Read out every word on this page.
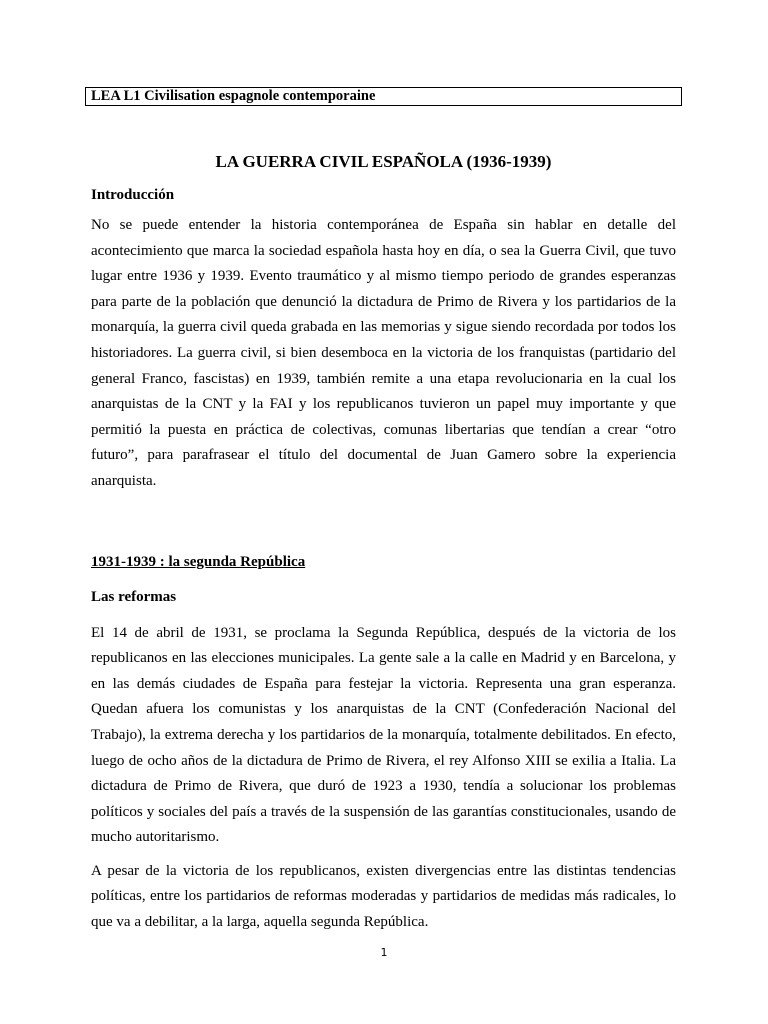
LEA L1 Civilisation espagnole contemporaine
LA GUERRA CIVIL ESPAÑOLA (1936-1939)

Introducción

No se puede entender la historia contemporánea de España sin hablar en detalle del acontecimiento que marca la sociedad española hasta hoy en día, o sea la Guerra Civil, que tuvo lugar entre 1936 y 1939. Evento traumático y al mismo tiempo periodo de grandes esperanzas para parte de la población que denunció la dictadura de Primo de Rivera y los partidarios de la monarquía, la guerra civil queda grabada en las memorias y sigue siendo recordada por todos los historiadores. La guerra civil, si bien desemboca en la victoria de los franquistas (partidario del general Franco, fascistas) en 1939, también remite a una etapa revolucionaria en la cual los anarquistas de la CNT y la FAI y los republicanos tuvieron un papel muy importante y que permitió la puesta en práctica de colectivas, comunas libertarias que tendían a crear “otro futuro”, para parafrasear el título del documental de Juan Gamero sobre la experiencia anarquista.

1931-1939 : la segunda República

Las reformas

El 14 de abril de 1931, se proclama la Segunda República, después de la victoria de los republicanos en las elecciones municipales. La gente sale a la calle en Madrid y en Barcelona, y en las demás ciudades de España para festejar la victoria. Representa una gran esperanza. Quedan afuera los comunistas y los anarquistas de la CNT (Confederación Nacional del Trabajo), la extrema derecha y los partidarios de la monarquía, totalmente debilitados. En efecto, luego de ocho años de la dictadura de Primo de Rivera, el rey Alfonso XIII se exilia a Italia. La dictadura de Primo de Rivera, que duró de 1923 a 1930, tendía a solucionar los problemas políticos y sociales del país a través de la suspensión de las garantías constitucionales, usando de mucho autoritarismo.

A pesar de la victoria de los republicanos, existen divergencias entre las distintas tendencias políticas, entre los partidarios de reformas moderadas y partidarios de medidas más radicales, lo que va a debilitar, a la larga, aquella segunda República.

1
